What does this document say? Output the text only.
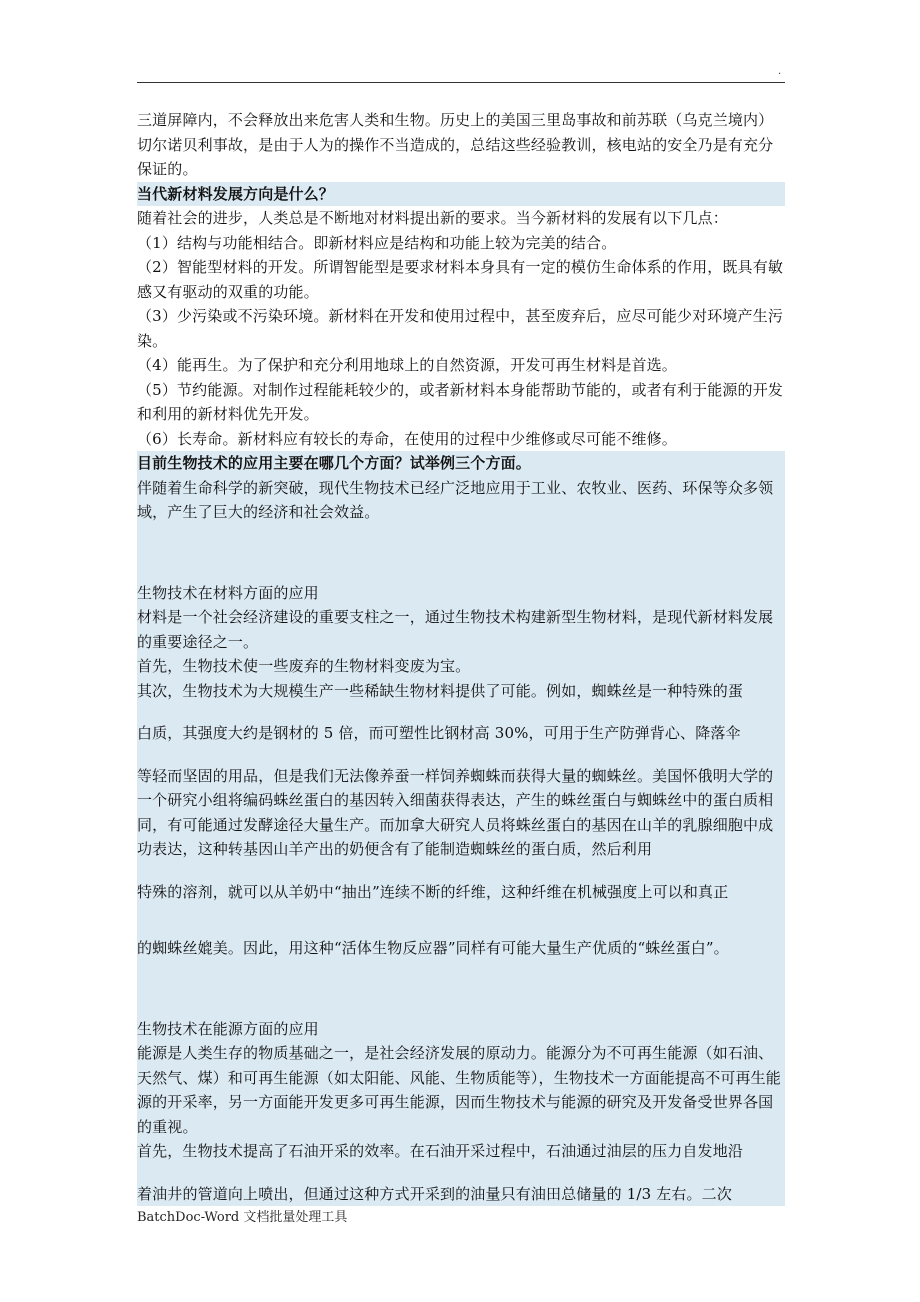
.

三道屏障内，不会释放出来危害人类和生物。历史上的美国三里岛事故和前苏联（乌克兰境内）切尔诺贝利事故，是由于人为的操作不当造成的，总结这些经验教训，核电站的安全乃是有充分保证的。

当代新材料发展方向是什么？

随着社会的进步，人类总是不断地对材料提出新的要求。当今新材料的发展有以下几点：

（1）结构与功能相结合。即新材料应是结构和功能上较为完美的结合。

（2）智能型材料的开发。所谓智能型是要求材料本身具有一定的模仿生命体系的作用，既具有敏感又有驱动的双重的功能。

（3）少污染或不污染环境。新材料在开发和使用过程中，甚至废弃后，应尽可能少对环境产生污染。

（4）能再生。为了保护和充分利用地球上的自然资源，开发可再生材料是首选。

（5）节约能源。对制作过程能耗较少的，或者新材料本身能帮助节能的，或者有利于能源的开发和利用的新材料优先开发。

（6）长寿命。新材料应有较长的寿命，在使用的过程中少维修或尽可能不维修。

目前生物技术的应用主要在哪几个方面？试举例三个方面。

伴随着生命科学的新突破，现代生物技术已经广泛地应用于工业、农牧业、医药、环保等众多领域，产生了巨大的经济和社会效益。

生物技术在材料方面的应用

材料是一个社会经济建设的重要支柱之一，通过生物技术构建新型生物材料，是现代新材料发展的重要途径之一。

首先，生物技术使一些废弃的生物材料变废为宝。

其次，生物技术为大规模生产一些稀缺生物材料提供了可能。例如，蜘蛛丝是一种特殊的蛋

白质，其强度大约是钢材的 5 倍，而可塑性比钢材高 30%，可用于生产防弹背心、降落伞

等轻而坚固的用品，但是我们无法像养蚕一样饲养蜘蛛而获得大量的蜘蛛丝。美国怀俄明大学的一个研究小组将编码蛛丝蛋白的基因转入细菌获得表达，产生的蛛丝蛋白与蜘蛛丝中的蛋白质相同，有可能通过发酵途径大量生产。而加拿大研究人员将蛛丝蛋白的基因在山羊的乳腺细胞中成功表达，这种转基因山羊产出的奶便含有了能制造蜘蛛丝的蛋白质，然后利用

特殊的溶剂，就可以从羊奶中“抽出”连续不断的纤维，这种纤维在机械强度上可以和真正

的蜘蛛丝媲美。因此，用这种“活体生物反应器”同样有可能大量生产优质的“蛛丝蛋白”。

生物技术在能源方面的应用

能源是人类生存的物质基础之一，是社会经济发展的原动力。能源分为不可再生能源（如石油、天然气、煤）和可再生能源（如太阳能、风能、生物质能等），生物技术一方面能提高不可再生能源的开采率，另一方面能开发更多可再生能源，因而生物技术与能源的研究及开发备受世界各国的重视。

首先，生物技术提高了石油开采的效率。在石油开采过程中，石油通过油层的压力自发地沿

着油井的管道向上喷出，但通过这种方式开采到的油量只有油田总储量的 1/3 左右。二次

BatchDoc-Word 文档批量处理工具
